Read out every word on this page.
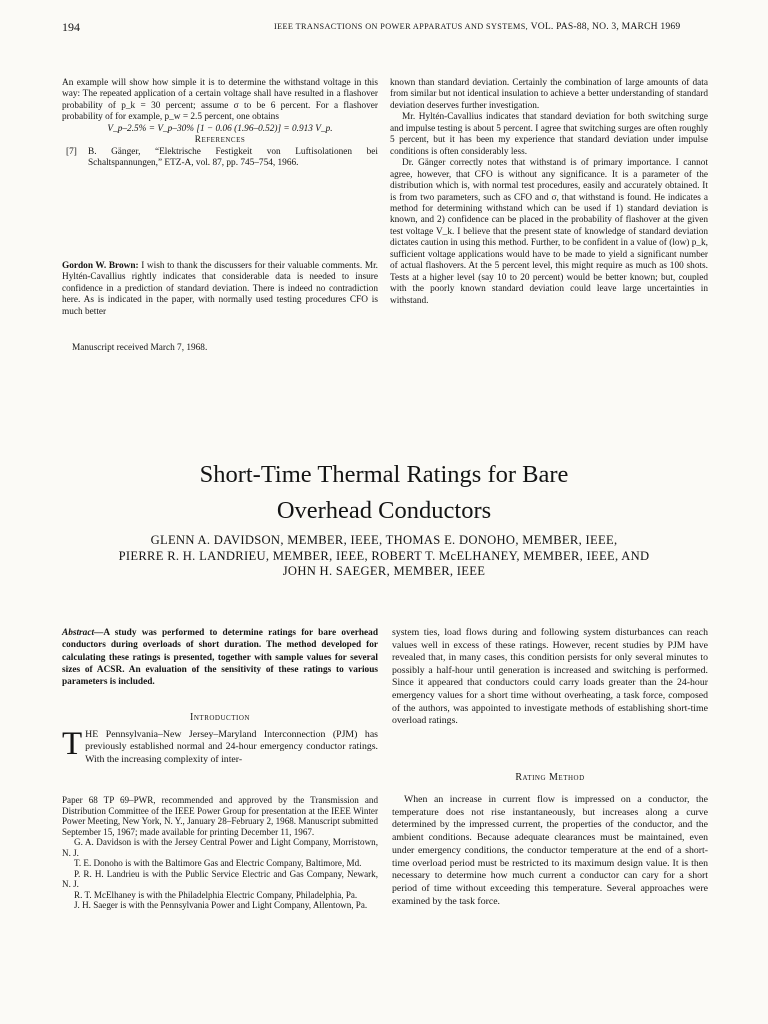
194	IEEE TRANSACTIONS ON POWER APPARATUS AND SYSTEMS, VOL. PAS-88, NO. 3, MARCH 1969

An example will show how simple it is to determine the withstand voltage in this way: The repeated application of a certain voltage shall have resulted in a flashover probability of p_k = 30 percent; assume σ to be 6 percent. For a flashover probability of for example, p_w = 2.5 percent, one obtains

V_p–2.5% = V_p–30% [1 − 0.06 (1.96–0.52)] = 0.913 V_p.

References

[7]	B. Gänger, “Elektrische Festigkeit von Luftisolationen bei Schaltspannungen,” ETZ-A, vol. 87, pp. 745–754, 1966.
Gordon W. Brown: I wish to thank the discussers for their valuable comments. Mr. Hyltén-Cavallius rightly indicates that considerable data is needed to insure confidence in a prediction of standard deviation. There is indeed no contradiction here. As is indicated in the paper, with normally used testing procedures CFO is much better
Manuscript received March 7, 1968.

known than standard deviation. Certainly the combination of large amounts of data from similar but not identical insulation to achieve a better understanding of standard deviation deserves further investigation.

Mr. Hyltén-Cavallius indicates that standard deviation for both switching surge and impulse testing is about 5 percent. I agree that switching surges are often roughly 5 percent, but it has been my experience that standard deviation under impulse conditions is often considerably less.

Dr. Gänger correctly notes that withstand is of primary importance. I cannot agree, however, that CFO is without any significance. It is a parameter of the distribution which is, with normal test procedures, easily and accurately obtained. It is from two parameters, such as CFO and σ, that withstand is found. He indicates a method for determining withstand which can be used if 1) standard deviation is known, and 2) confidence can be placed in the probability of flashover at the given test voltage V_k. I believe that the present state of knowledge of standard deviation dictates caution in using this method. Further, to be confident in a value of (low) p_k, sufficient voltage applications would have to be made to yield a significant number of actual flashovers. At the 5 percent level, this might require as much as 100 shots. Tests at a higher level (say 10 to 20 percent) would be better known; but, coupled with the poorly known standard deviation could leave large uncertainties in withstand.

Short-Time Thermal Ratings for Bare
Overhead Conductors
GLENN A. DAVIDSON, MEMBER, IEEE, THOMAS E. DONOHO, MEMBER, IEEE,
PIERRE R. H. LANDRIEU, MEMBER, IEEE, ROBERT T. McELHANEY, MEMBER, IEEE, AND
JOHN H. SAEGER, MEMBER, IEEE
Abstract—A study was performed to determine ratings for bare overhead conductors during overloads of short duration. The method developed for calculating these ratings is presented, together with sample values for several sizes of ACSR. An evaluation of the sensitivity of these ratings to various parameters is included.
Introduction
THE Pennsylvania–New Jersey–Maryland Interconnection (PJM) has previously established normal and 24-hour emergency conductor ratings. With the increasing complexity of inter-

Paper 68 TP 69–PWR, recommended and approved by the Transmission and Distribution Committee of the IEEE Power Group for presentation at the IEEE Winter Power Meeting, New York, N. Y., January 28–February 2, 1968. Manuscript submitted September 15, 1967; made available for printing December 11, 1967.

G. A. Davidson is with the Jersey Central Power and Light Company, Morristown, N. J.

T. E. Donoho is with the Baltimore Gas and Electric Company, Baltimore, Md.

P. R. H. Landrieu is with the Public Service Electric and Gas Company, Newark, N. J.

R. T. McElhaney is with the Philadelphia Electric Company, Philadelphia, Pa.

J. H. Saeger is with the Pennsylvania Power and Light Company, Allentown, Pa.

system ties, load flows during and following system disturbances can reach values well in excess of these ratings. However, recent studies by PJM have revealed that, in many cases, this condition persists for only several minutes to possibly a half-hour until generation is increased and switching is performed. Since it appeared that conductors could carry loads greater than the 24-hour emergency values for a short time without overheating, a task force, composed of the authors, was appointed to investigate methods of establishing short-time overload ratings.

Rating Method

When an increase in current flow is impressed on a conductor, the temperature does not rise instantaneously, but increases along a curve determined by the impressed current, the properties of the conductor, and the ambient conditions. Because adequate clearances must be maintained, even under emergency conditions, the conductor temperature at the end of a short-time overload period must be restricted to its maximum design value. It is then necessary to determine how much current a conductor can cary for a short period of time without exceeding this temperature. Several approaches were examined by the task force.
